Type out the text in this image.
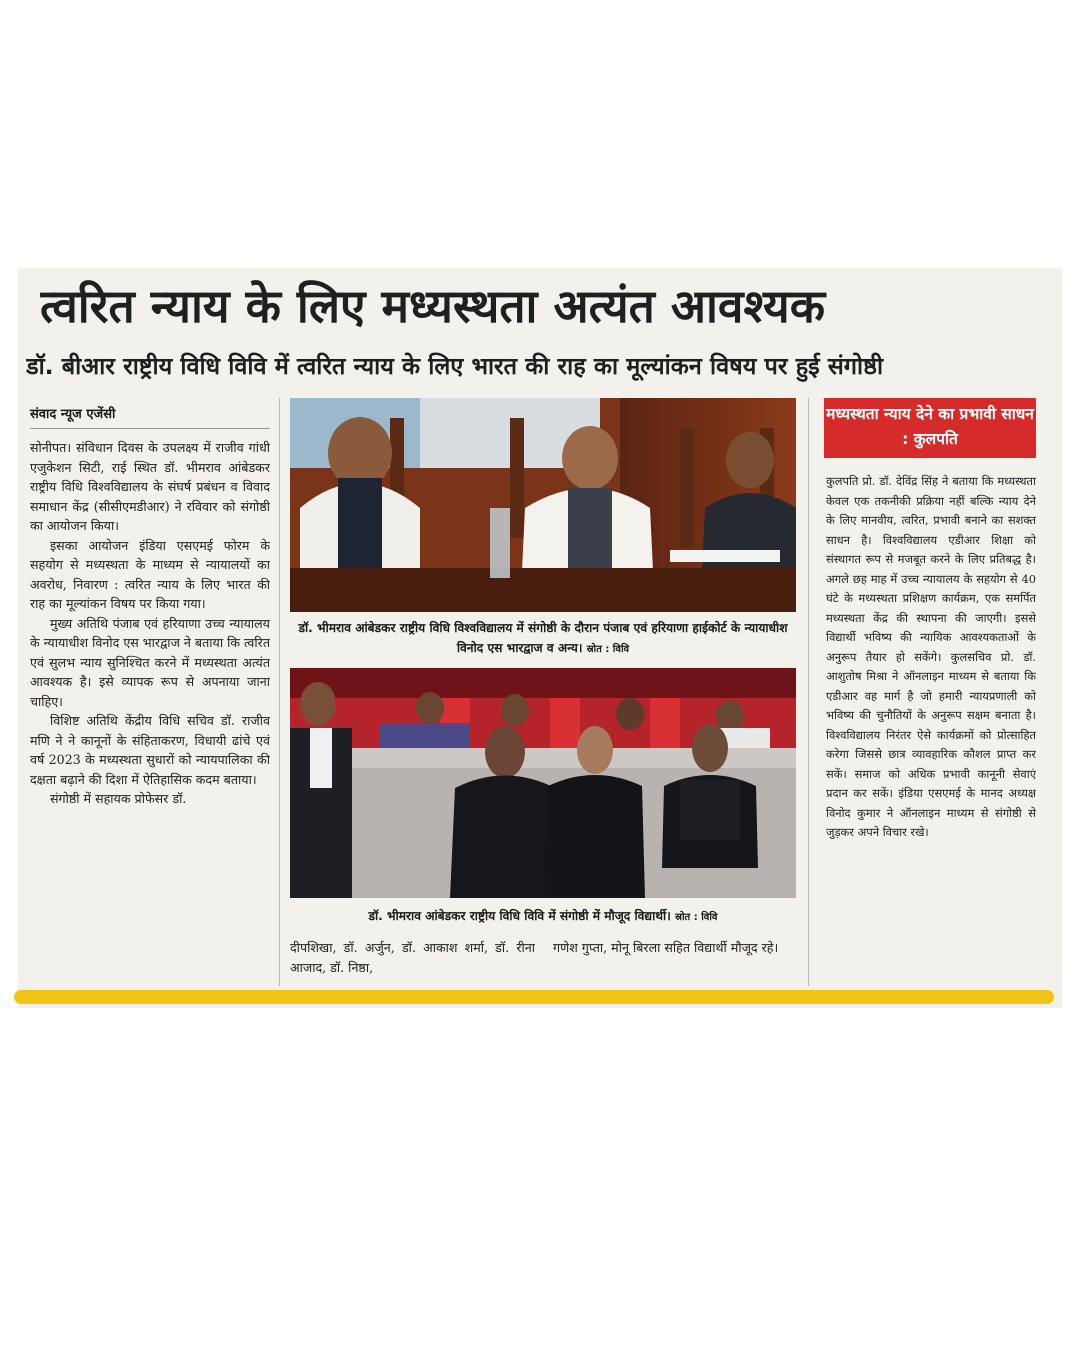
त्वरित न्याय के लिए मध्यस्थता अत्यंत आवश्यक
डॉ. बीआर राष्ट्रीय विधि विवि में त्वरित न्याय के लिए भारत की राह का मूल्यांकन विषय पर हुई संगोष्ठी
संवाद न्यूज एजेंसी

सोनीपत। संविधान दिवस के उपलक्ष्य में राजीव गांधी एजुकेशन सिटी, राई स्थित डॉ. भीमराव आंबेडकर राष्ट्रीय विधि विश्वविद्यालय के संघर्ष प्रबंधन व विवाद समाधान केंद्र (सीसीएमडीआर) ने रविवार को संगोष्ठी का आयोजन किया।

इसका आयोजन इंडिया एसएमई फोरम के सहयोग से मध्यस्थता के माध्यम से न्यायालयों का अवरोध, निवारण : त्वरित न्याय के लिए भारत की राह का मूल्यांकन विषय पर किया गया।

मुख्य अतिथि पंजाब एवं हरियाणा उच्च न्यायालय के न्यायाधीश विनोद एस भारद्वाज ने बताया कि त्वरित एवं सुलभ न्याय सुनिश्चित करने में मध्यस्थता अत्यंत आवश्यक है। इसे व्यापक रूप से अपनाया जाना चाहिए।

विशिष्ट अतिथि केंद्रीय विधि सचिव डॉ. राजीव मणि ने ने कानूनों के संहिताकरण, विधायी ढांचे एवं वर्ष 2023 के मध्यस्थता सुधारों को न्यायपालिका की दक्षता बढ़ाने की दिशा में ऐतिहासिक कदम बताया।

संगोष्ठी में सहायक प्रोफेसर डॉ.

डॉ. भीमराव आंबेडकर राष्ट्रीय विधि विश्वविद्यालय में संगोष्ठी के दौरान पंजाब एवं हरियाणा हाईकोर्ट के न्यायाधीश विनोद एस भारद्वाज व अन्य। स्रोत : विवि
डॉ. भीमराव आंबेडकर राष्ट्रीय विधि विवि में संगोष्ठी में मौजूद विद्यार्थी। स्रोत : विवि

दीपशिखा, डॉ. अर्जुन, डॉ. आकाश शर्मा, डॉ. रीना आजाद, डॉ. निष्ठा,

गणेश गुप्ता, मोनू बिरला सहित विद्यार्थी मौजूद रहे।

मध्यस्थता न्याय देने का प्रभावी साधन : कुलपति

कुलपति प्रो. डॉ. देविंद्र सिंह ने बताया कि मध्यस्थता केवल एक तकनीकी प्रक्रिया नहीं बल्कि न्याय देने के लिए मानवीय, त्वरित, प्रभावी बनाने का सशक्त साधन है। विश्वविद्यालय एडीआर शिक्षा को संस्थागत रूप से मजबूत करने के लिए प्रतिबद्ध है। अगले छह माह में उच्च न्यायालय के सहयोग से 40 घंटे के मध्यस्थता प्रशिक्षण कार्यक्रम, एक समर्पित मध्यस्थता केंद्र की स्थापना की जाएगी। इससे विद्यार्थी भविष्य की न्यायिक आवश्यकताओं के अनुरूप तैयार हो सकेंगे। कुलसचिव प्रो. डॉ. आशुतोष मिश्रा ने ऑनलाइन माध्यम से बताया कि एडीआर वह मार्ग है जो हमारी न्यायप्रणाली को भविष्य की चुनौतियों के अनुरूप सक्षम बनाता है। विश्वविद्यालय निरंतर ऐसे कार्यक्रमों को प्रोत्साहित करेगा जिससे छात्र व्यावहारिक कौशल प्राप्त कर सकें। समाज को अधिक प्रभावी कानूनी सेवाएं प्रदान कर सकें। इंडिया एसएमई के मानद अध्यक्ष विनोद कुमार ने ऑनलाइन माध्यम से संगोष्ठी से जुड़कर अपने विचार रखे।
